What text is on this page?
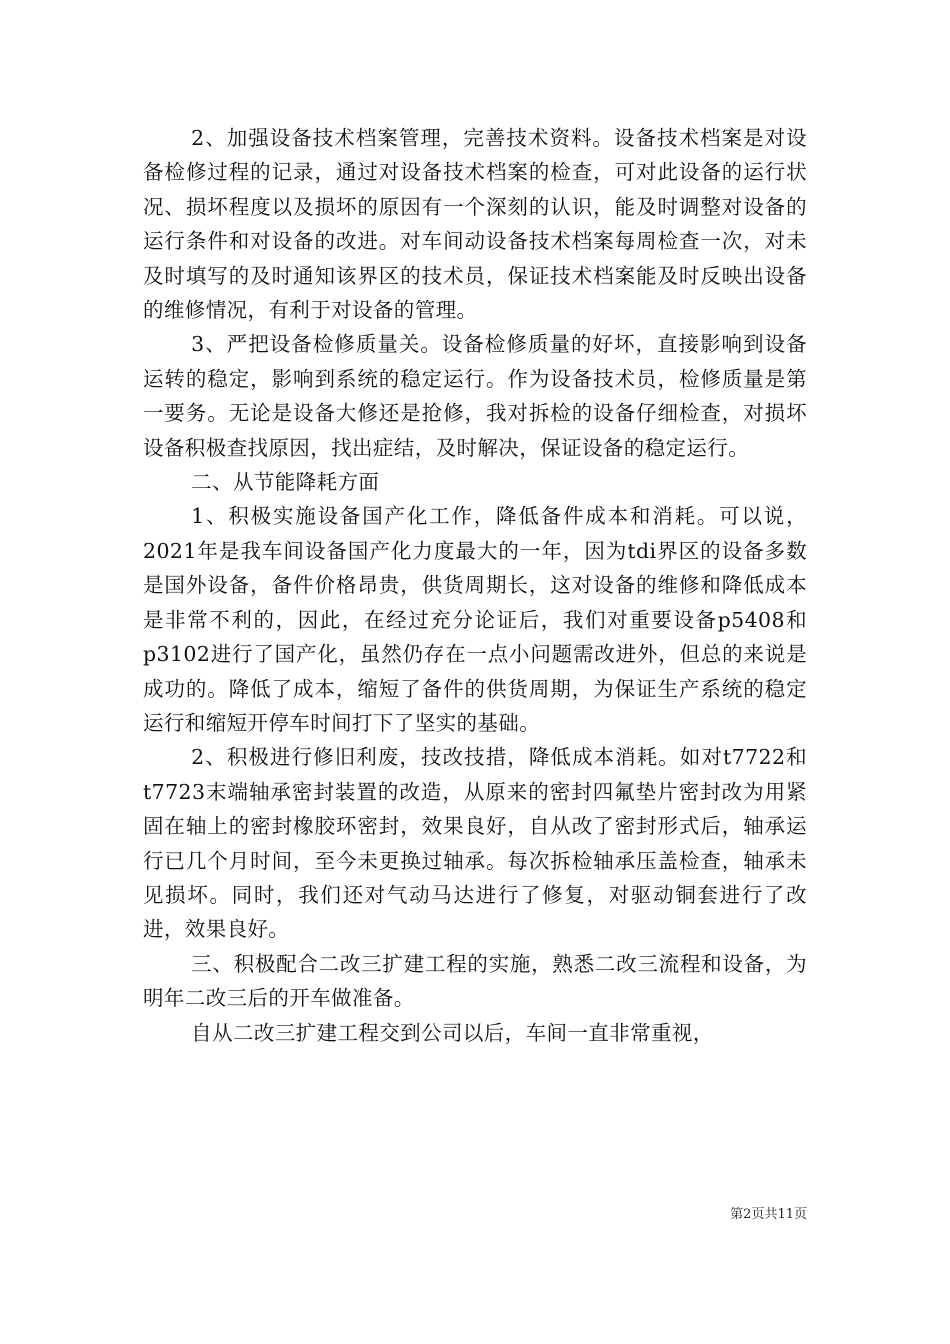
2、加强设备技术档案管理，完善技术资料。设备技术档案是对设备检修过程的记录，通过对设备技术档案的检查，可对此设备的运行状况、损坏程度以及损坏的原因有一个深刻的认识，能及时调整对设备的运行条件和对设备的改进。对车间动设备技术档案每周检查一次，对未及时填写的及时通知该界区的技术员，保证技术档案能及时反映出设备的维修情况，有利于对设备的管理。

3、严把设备检修质量关。设备检修质量的好坏，直接影响到设备运转的稳定，影响到系统的稳定运行。作为设备技术员，检修质量是第一要务。无论是设备大修还是抢修，我对拆检的设备仔细检查，对损坏设备积极查找原因，找出症结，及时解决，保证设备的稳定运行。

二、从节能降耗方面

1、积极实施设备国产化工作，降低备件成本和消耗。可以说，2021年是我车间设备国产化力度最大的一年，因为tdi界区的设备多数是国外设备，备件价格昂贵，供货周期长，这对设备的维修和降低成本是非常不利的，因此，在经过充分论证后，我们对重要设备p5408和p3102进行了国产化，虽然仍存在一点小问题需改进外，但总的来说是成功的。降低了成本，缩短了备件的供货周期，为保证生产系统的稳定运行和缩短开停车时间打下了坚实的基础。

2、积极进行修旧利废，技改技措，降低成本消耗。如对t7722和t7723末端轴承密封装置的改造，从原来的密封四氟垫片密封改为用紧固在轴上的密封橡胶环密封，效果良好，自从改了密封形式后，轴承运行已几个月时间，至今未更换过轴承。每次拆检轴承压盖检查，轴承未见损坏。同时，我们还对气动马达进行了修复，对驱动铜套进行了改进，效果良好。

三、积极配合二改三扩建工程的实施，熟悉二改三流程和设备，为明年二改三后的开车做准备。

自从二改三扩建工程交到公司以后，车间一直非常重视，

第2页共11页
